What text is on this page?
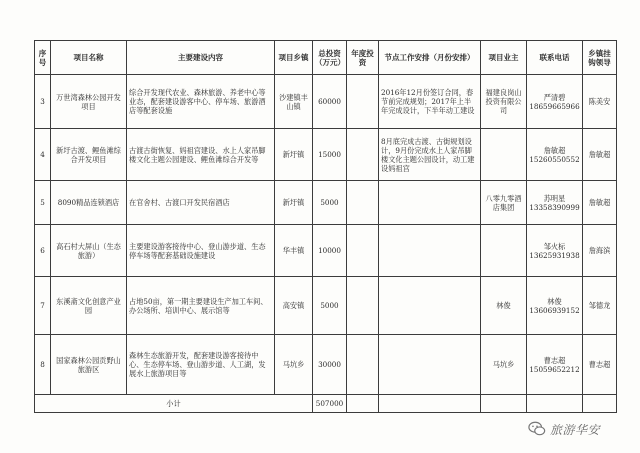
序号	项目名称	主要建设内容	项目乡镇	总投资（万元）	年度投资	节点工作安排（月份安排）	项目业主	联系电话	乡镇挂钩领导
3	万世湾森林公园开发项目	综合开发现代农业、森林旅游、养老中心等业态，配套建设游客中心、停车场、旅游酒店等配套设施	沙建镇丰山镇	60000		2016年12月份签订合同，春节前完成规划；2017年上半年完成设计，下半年动工建设	福建良岗山投资有限公司	严清碧 18659665966	陈美安
4	新圩古渡、鲤鱼滩综合开发项目	古渡古街恢复、妈祖宫建设、水上人家吊脚楼文化主题公园建设、鲤鱼滩综合开发等	新圩镇	15000		8月底完成古渡、古街规划设计，9月份完成水上人家吊脚楼文化主题公园设计，动工建设妈祖宫		詹敏超 15260550552	詹敏超
5	8090精品连锁酒店	在官舍村、古渡口开发民宿酒店	新圩镇	5000			八零九零酒店集团	苏明星 13358390999	詹敏超
6	高石村大屏山（生态旅游）	主要建设游客接待中心、登山游步道、生态停车场等配套基础设施建设	华丰镇	10000				邹火标 13625931938	詹海滨
7	东溪斋文化创意产业园	占地50亩，第一期主要建设生产加工车间、办公场所、培训中心、展示馆等	高安镇	5000			林俊	林俊 13606939152	邹德龙
8	国家森林公园贡野山旅游区	森林生态旅游开发，配套建设游客接待中心、生态停车场、登山游步道、人工湖，发展水上旅游项目等	马坑乡	30000			马坑乡	曹志超 15059652212	曹志超
小计				507000					
旅游华安
